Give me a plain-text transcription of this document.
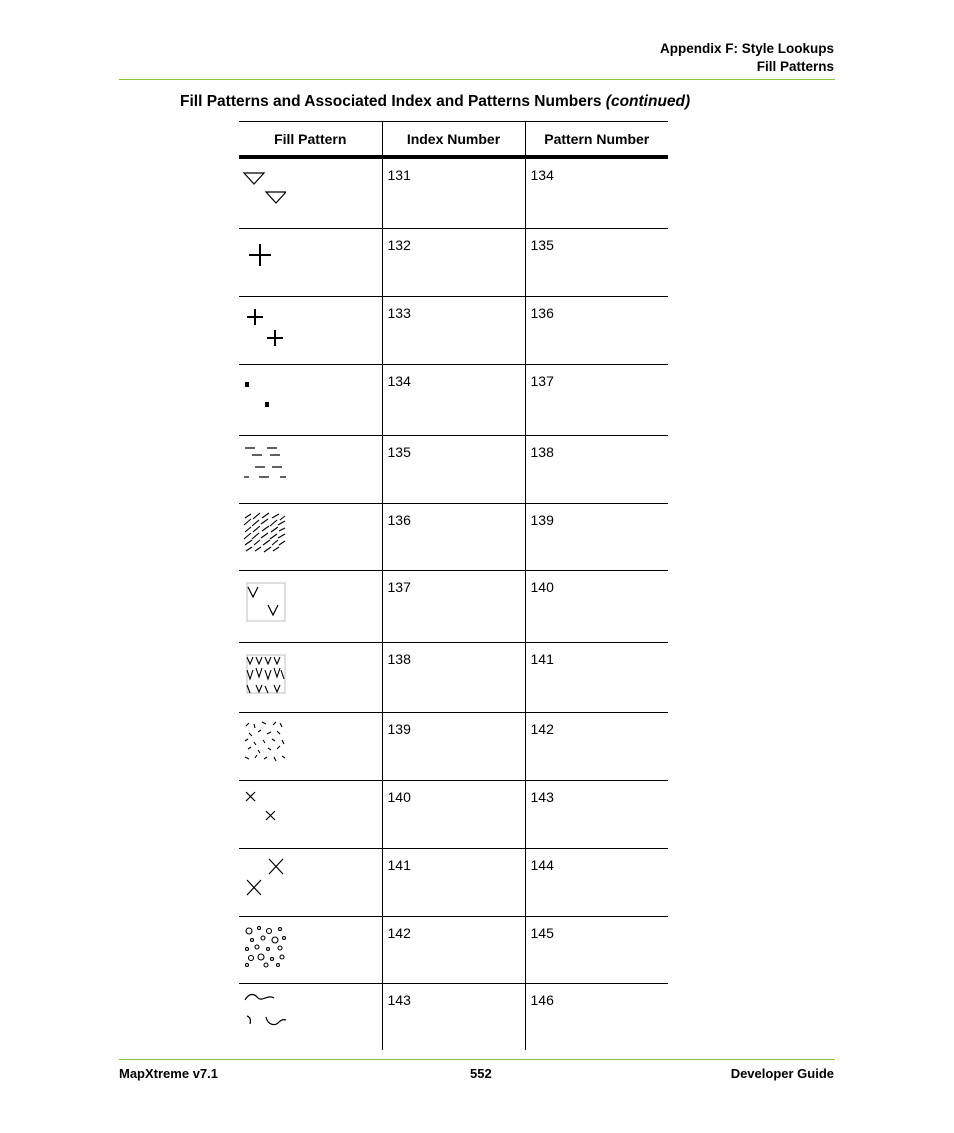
Appendix F: Style Lookups
Fill Patterns
Fill Patterns and Associated Index and Patterns Numbers (continued)
Fill Pattern	Index Number	Pattern Number

	131	134

	132	135

	133	136

	134	137

	135	138

	136	139

	137	140

	138	141

	139	142

	140	143

	141	144

	142	145

	143	146
MapXtreme v7.1	552	Developer Guide
